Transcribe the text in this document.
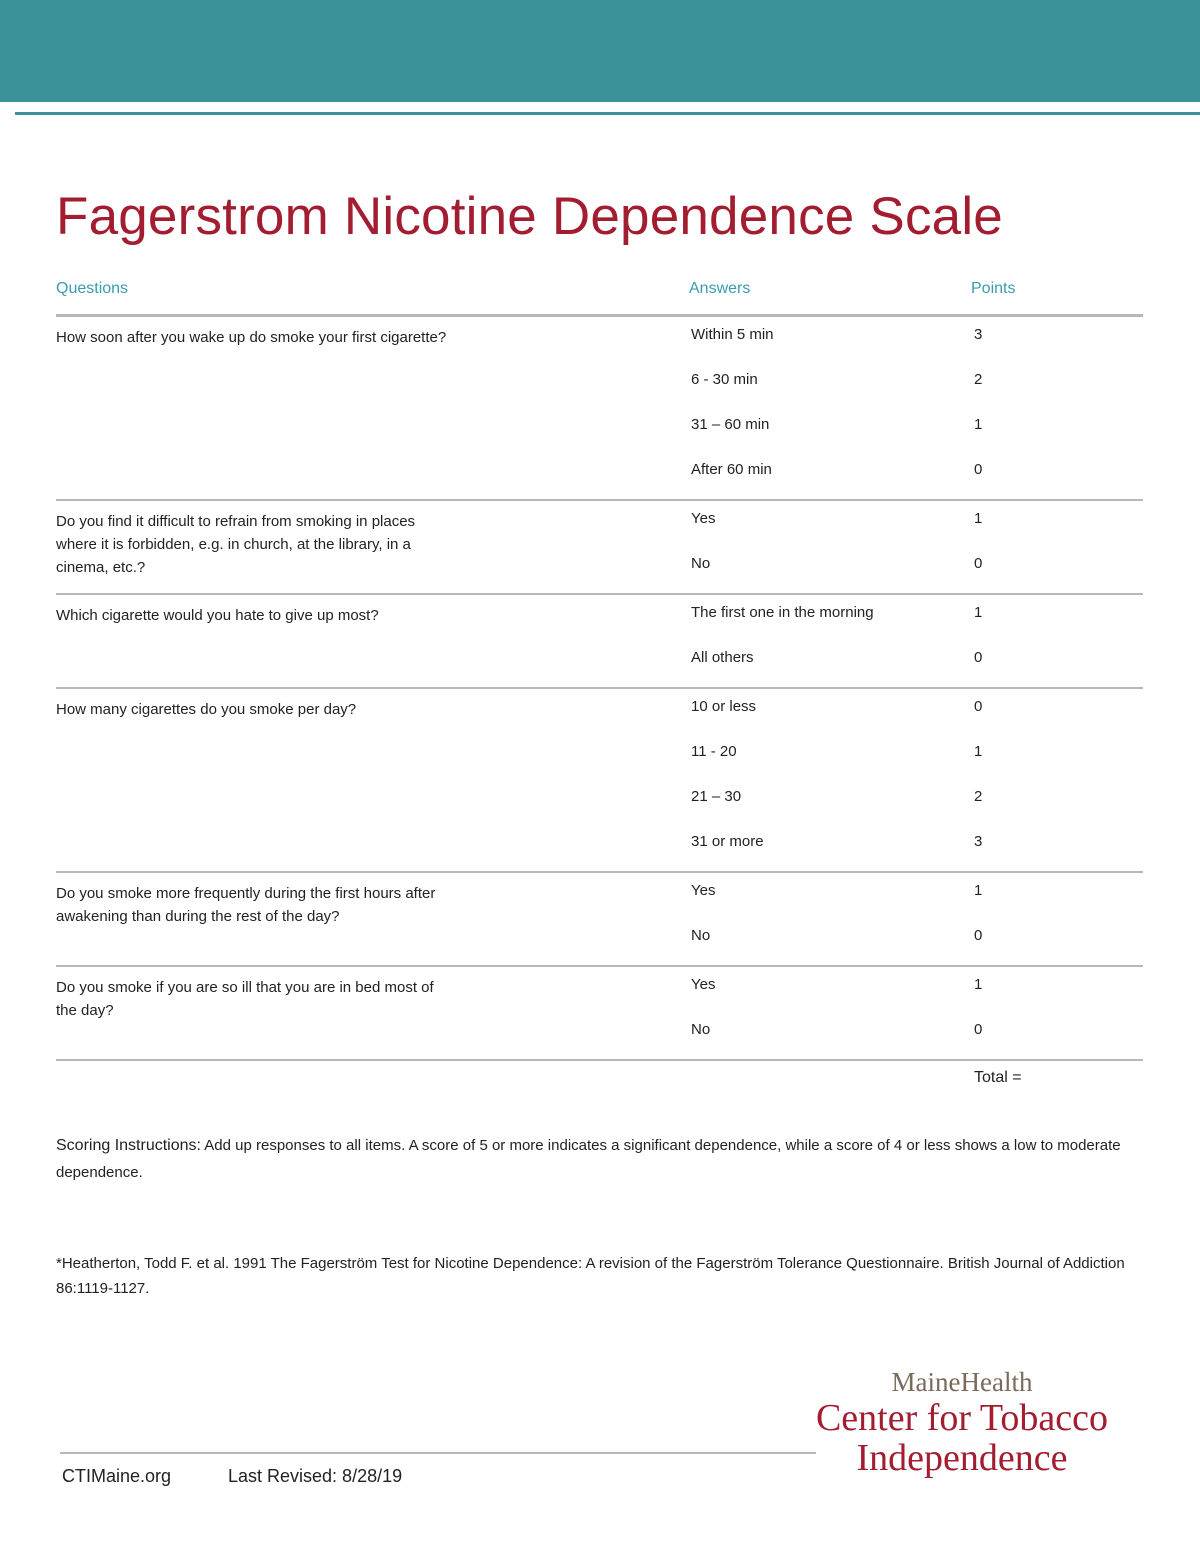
Fagerstrom Nicotine Dependence Scale
Questions	Answers	Points

How soon after you wake up do smoke your first cigarette?	Within 5 min	3
6 - 30 min	2
31 – 60 min	1
After 60 min	0

Do you find it difficult to refrain from smoking in places where it is forbidden, e.g. in church, at the library, in a cinema, etc.?

Yes	1
No	0

Which cigarette would you hate to give up most?	The first one in the morning	1
All others	0

How many cigarettes do you smoke per day?	10 or less	0
11 - 20	1
21 – 30	2
31 or more	3

Do you smoke more frequently during the first hours after awakening than during the rest of the day?

Yes	1
No	0

Do you smoke if you are so ill that you are in bed most of the day?

Yes	1
No	0
Total =

Scoring Instructions: Add up responses to all items. A score of 5 or more indicates a significant dependence, while a score of 4 or less shows a low to moderate dependence.

*Heatherton, Todd F. et al. 1991 The Fagerström Test for Nicotine Dependence: A revision of the Fagerström Tolerance Questionnaire. British Journal of Addiction 86:1119-1127.

MaineHealth
Center for Tobacco
Independence
CTIMaine.org	Last Revised: 8/28/19
